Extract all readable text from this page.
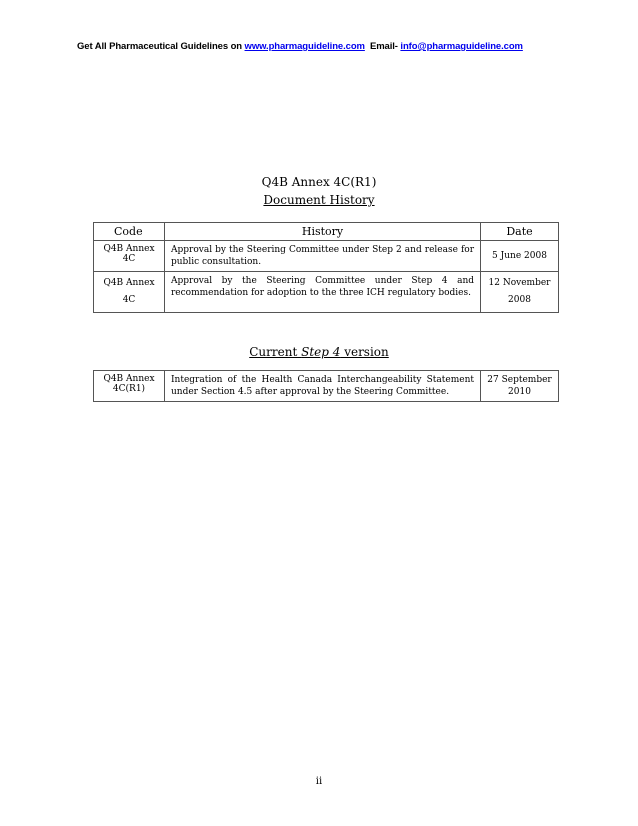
Get All Pharmaceutical Guidelines on www.pharmaguideline.com  Email- info@pharmaguideline.com
Q4B Annex 4C(R1)
Document History
Code	History	Date
Q4B Annex 4C	Approval by the Steering Committee under Step 2 and release for public consultation.	5 June 2008
Q4B Annex 4C	Approval by the Steering Committee under Step 4 and recommendation for adoption to the three ICH regulatory bodies.	12 November 2008
Current Step 4 version
Q4B Annex 4C(R1)	Integration of the Health Canada Interchangeability Statement under Section 4.5 after approval by the Steering Committee.	27 September 2010
ii
